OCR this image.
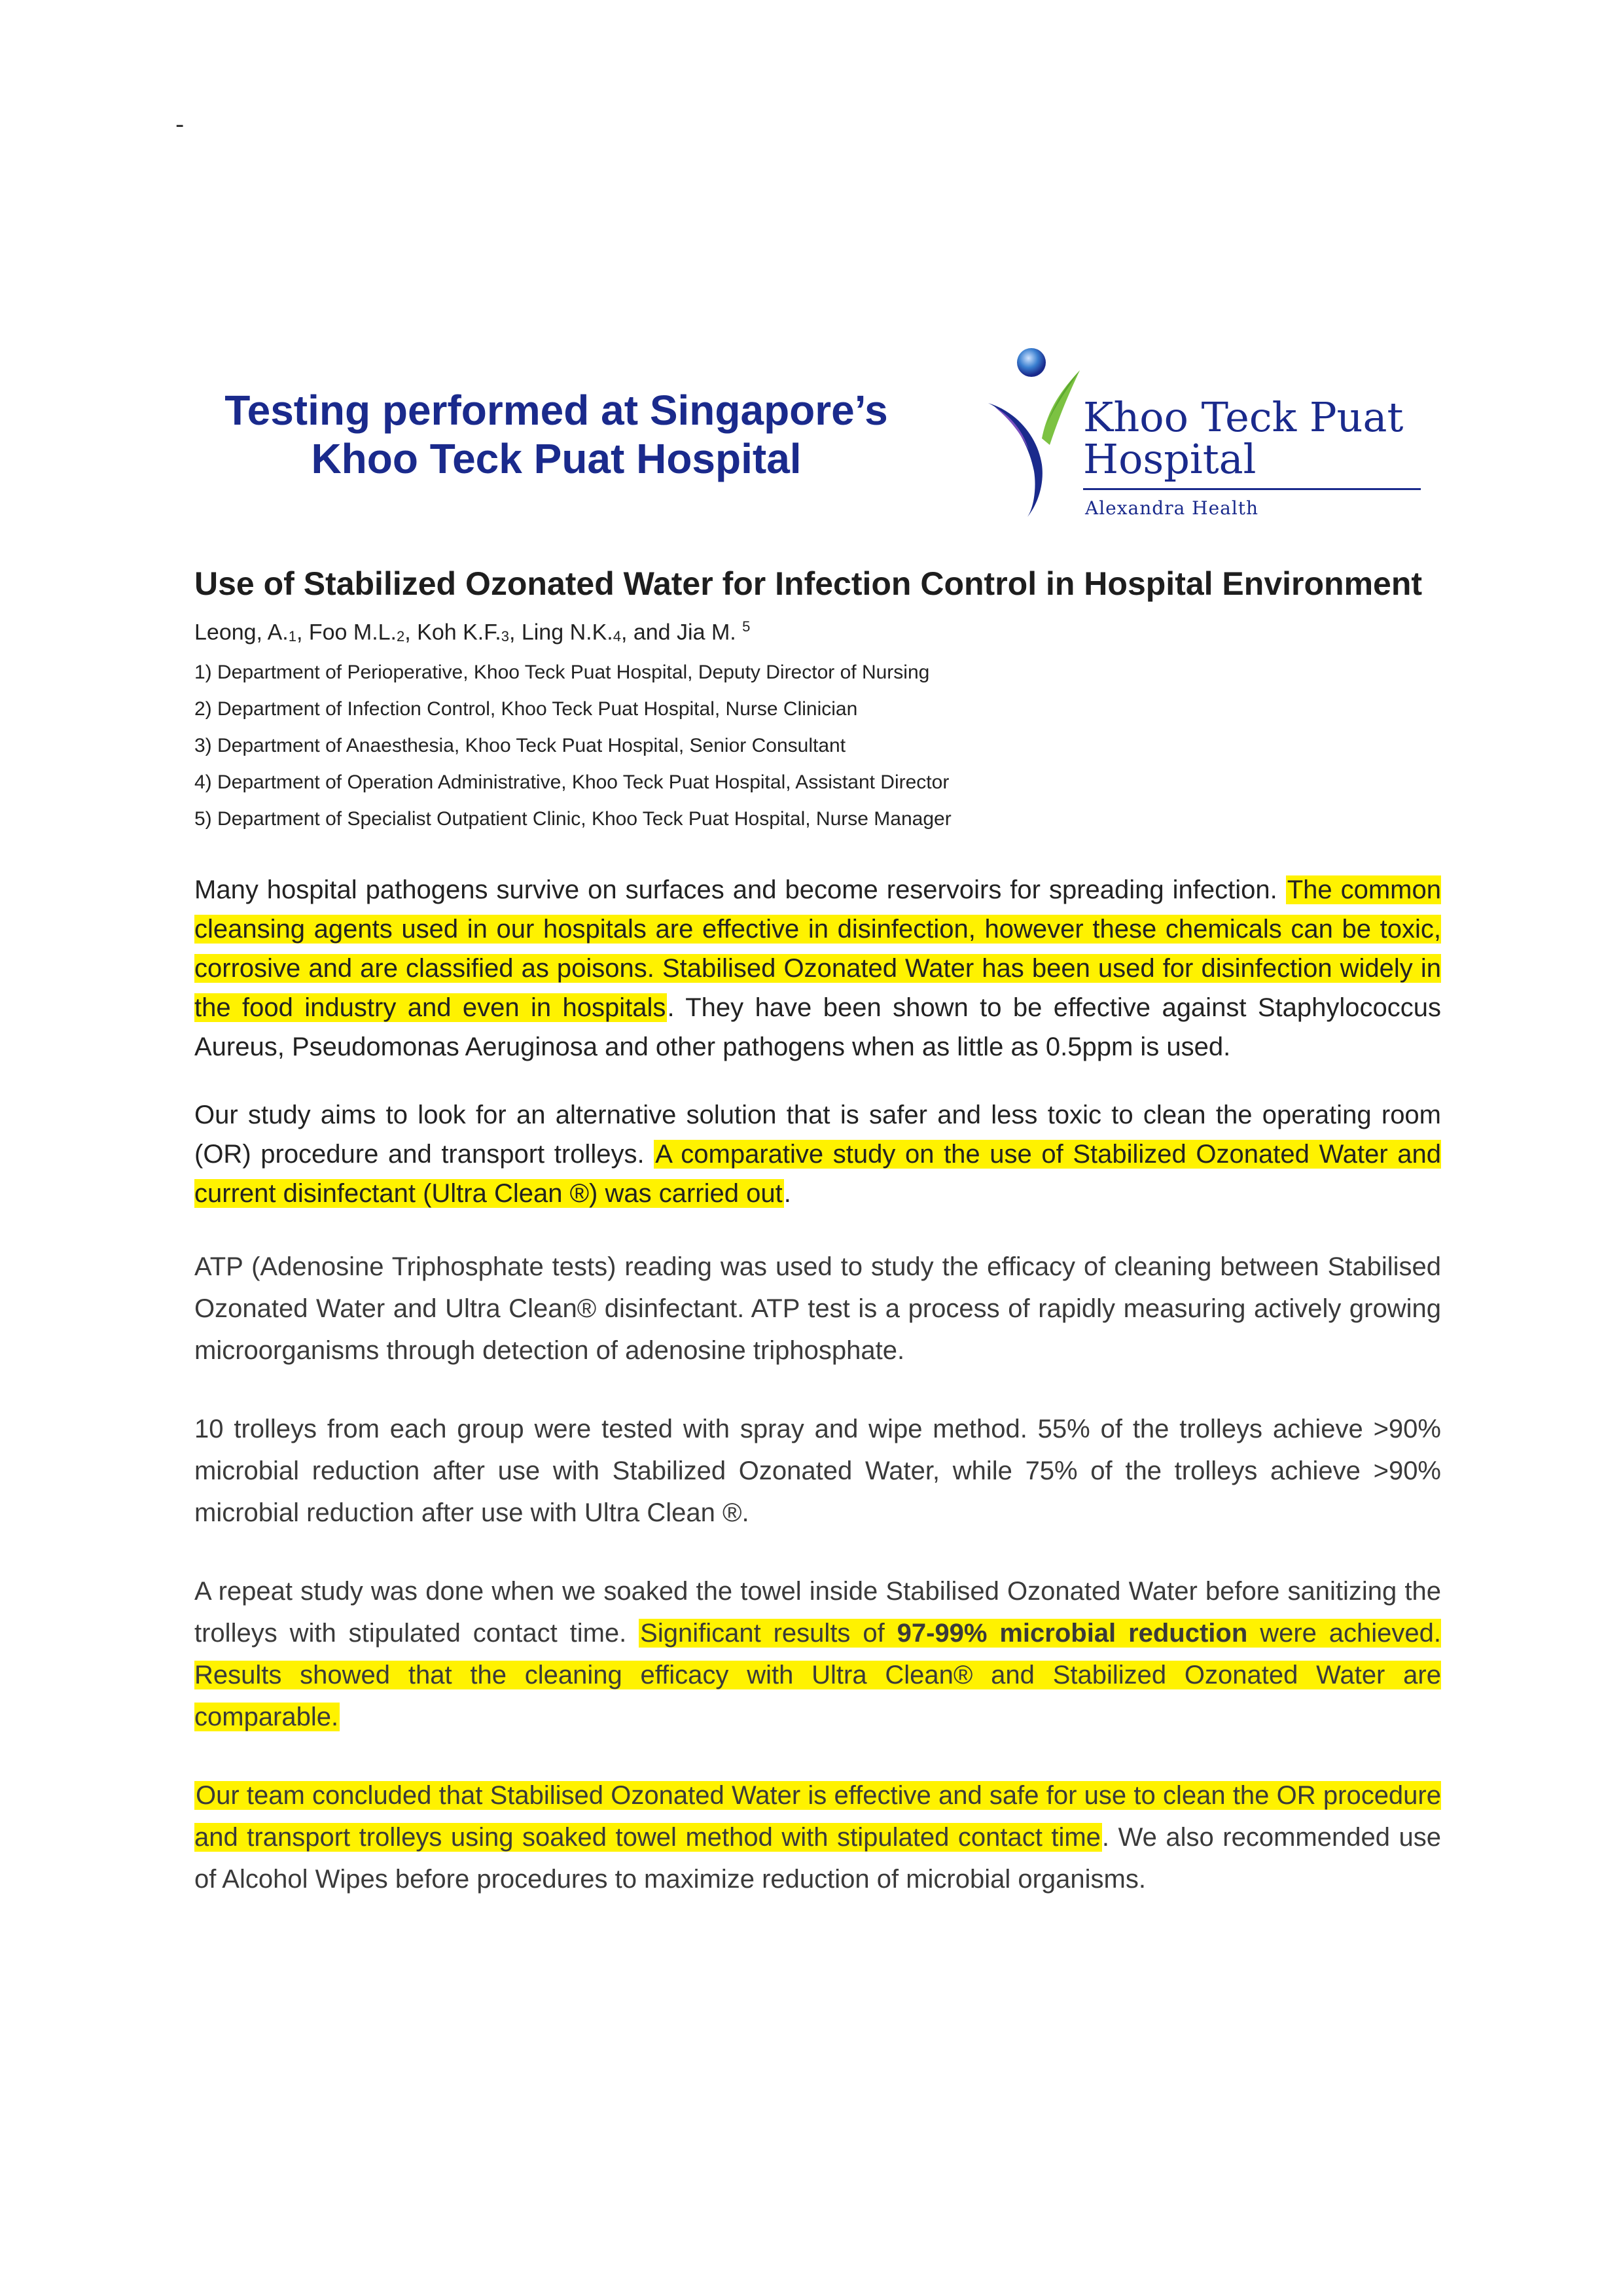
-
Testing performed at Singapore’s
Khoo Teck Puat Hospital
Khoo Teck Puat
Hospital
Alexandra Health
Use of Stabilized Ozonated Water for Infection Control in Hospital Environment
Leong, $A._1$, Foo $M.L._2$, Koh $K.F._3$, Ling $N.K._4$, and Jia M. $^5$
1) Department of Perioperative, Khoo Teck Puat Hospital, Deputy Director of Nursing
2) Department of Infection Control, Khoo Teck Puat Hospital, Nurse Clinician
3) Department of Anaesthesia, Khoo Teck Puat Hospital, Senior Consultant
4) Department of Operation Administrative, Khoo Teck Puat Hospital, Assistant Director
5) Department of Specialist Outpatient Clinic, Khoo Teck Puat Hospital, Nurse Manager

Many hospital pathogens survive on surfaces and become reservoirs for spreading infection. The common cleansing agents used in our hospitals are effective in disinfection, however these chemicals can be toxic, corrosive and are classified as poisons. Stabilised Ozonated Water has been used for disinfection widely in the food industry and even in hospitals. They have been shown to be effective against Staphylococcus Aureus, Pseudomonas Aeruginosa and other pathogens when as little as 0.5ppm is used.

Our study aims to look for an alternative solution that is safer and less toxic to clean the operating room (OR) procedure and transport trolleys. A comparative study on the use of Stabilized Ozonated Water and current disinfectant (Ultra Clean ®) was carried out.

ATP (Adenosine Triphosphate tests) reading was used to study the efficacy of cleaning between Stabilised Ozonated Water and Ultra Clean® disinfectant. ATP test is a process of rapidly measuring actively growing microorganisms through detection of adenosine triphosphate.

10 trolleys from each group were tested with spray and wipe method. 55% of the trolleys achieve >90% microbial reduction after use with Stabilized Ozonated Water, while 75% of the trolleys achieve >90% microbial reduction after use with Ultra Clean ®.

A repeat study was done when we soaked the towel inside Stabilised Ozonated Water before sanitizing the trolleys with stipulated contact time. Significant results of 97-99% microbial reduction were achieved. Results showed that the cleaning efficacy with Ultra Clean® and Stabilized Ozonated Water are comparable.

Our team concluded that Stabilised Ozonated Water is effective and safe for use to clean the OR procedure and transport trolleys using soaked towel method with stipulated contact time. We also recommended use of Alcohol Wipes before procedures to maximize reduction of microbial organisms.
